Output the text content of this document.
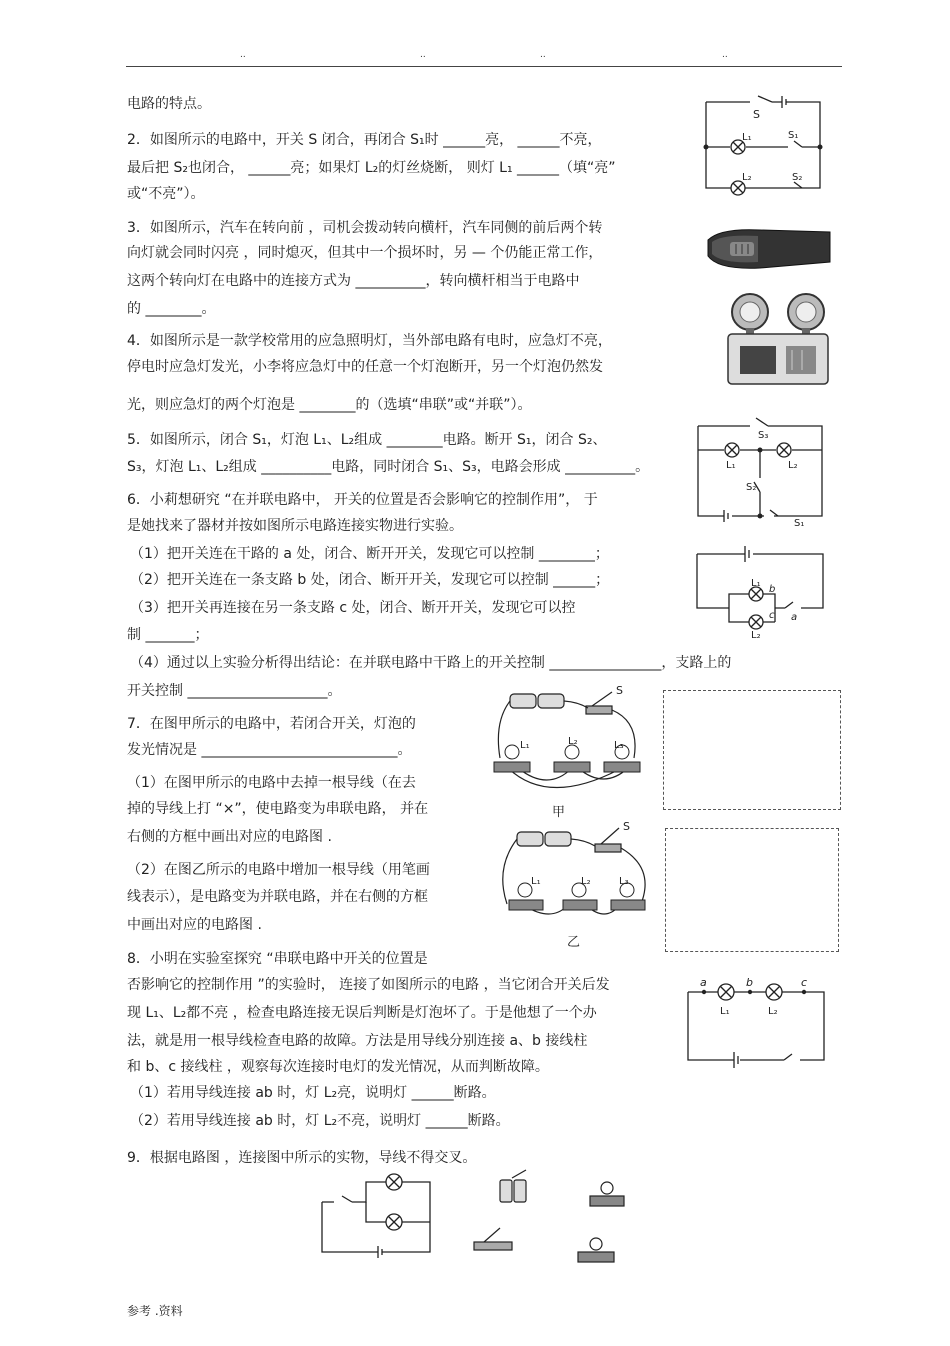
..	..	..	..
电路的特点。
2．如图所示的电路中，开关 S 闭合，再闭合 S₁时 ______亮， ______不亮，
最后把 S₂也闭合， ______亮；如果灯 L₂的灯丝烧断， 则灯 L₁ ______（填“亮”
或“不亮”）。
3．如图所示，汽车在转向前 ，司机会拨动转向横杆，汽车同侧的前后两个转
向灯就会同时闪亮 ，同时熄灭，但其中一个损坏时，另 — 个仍能正常工作，
这两个转向灯在电路中的连接方式为 __________，转向横杆相当于电路中
的 ________。
4．如图所示是一款学校常用的应急照明灯，当外部电路有电时，应急灯不亮，
停电时应急灯发光，小李将应急灯中的任意一个灯泡断开，另一个灯泡仍然发
光，则应急灯的两个灯泡是 ________的（选填“串联”或“并联”）。
5．如图所示，闭合 S₁，灯泡 L₁、L₂组成 ________电路。断开 S₁，闭合 S₂、
S₃，灯泡 L₁、L₂组成 __________电路，同时闭合 S₁、S₃，电路会形成 __________。
6．小莉想研究 “在并联电路中， 开关的位置是否会影响它的控制作用”， 于
是她找来了器材并按如图所示电路连接实物进行实验。
（1）把开关连在干路的 a 处，闭合、断开开关，发现它可以控制 ________；
（2）把开关连在一条支路 b 处，闭合、断开开关，发现它可以控制 ______；
（3）把开关再连接在另一条支路 c 处，闭合、断开开关，发现它可以控
制 _______；
（4）通过以上实验分析得出结论：在并联电路中干路上的开关控制 ________________，支路上的
开关控制 ____________________。
7．在图甲所示的电路中，若闭合开关，灯泡的
发光情况是 ____________________________。
（1）在图甲所示的电路中去掉一根导线（在去
掉的导线上打 “×”，使电路变为串联电路， 并在
右侧的方框中画出对应的电路图 .
（2）在图乙所示的电路中增加一根导线（用笔画
线表示），是电路变为并联电路，并在右侧的方框
中画出对应的电路图 .
8．小明在实验室探究 “串联电路中开关的位置是
否影响它的控制作用 ”的实验时， 连接了如图所示的电路 ，当它闭合开关后发
现 L₁、L₂都不亮 ，检查电路连接无误后判断是灯泡坏了。于是他想了一个办
法，就是用一根导线检查电路的故障。方法是用导线分别连接 a、b 接线柱
和 b、c 接线柱 ，观察每次连接时电灯的发光情况，从而判断故障。
（1）若用导线连接 ab 时，灯 L₂亮，说明灯 ______断路。
（2）若用导线连接 ab 时，灯 L₂不亮，说明灯 ______断路。
9．根据电路图 ，连接图中所示的实物，导线不得交叉。
S
L₁	S₁
L₂	S₂
S₃
L₁	L₂
S₂
S₁
L₁
b
c a
L₂
S
L₁	L₂	L₃
甲
S
L₁	L₂	L₃
乙
a	b	c
L₁	L₂
参考 .资料
